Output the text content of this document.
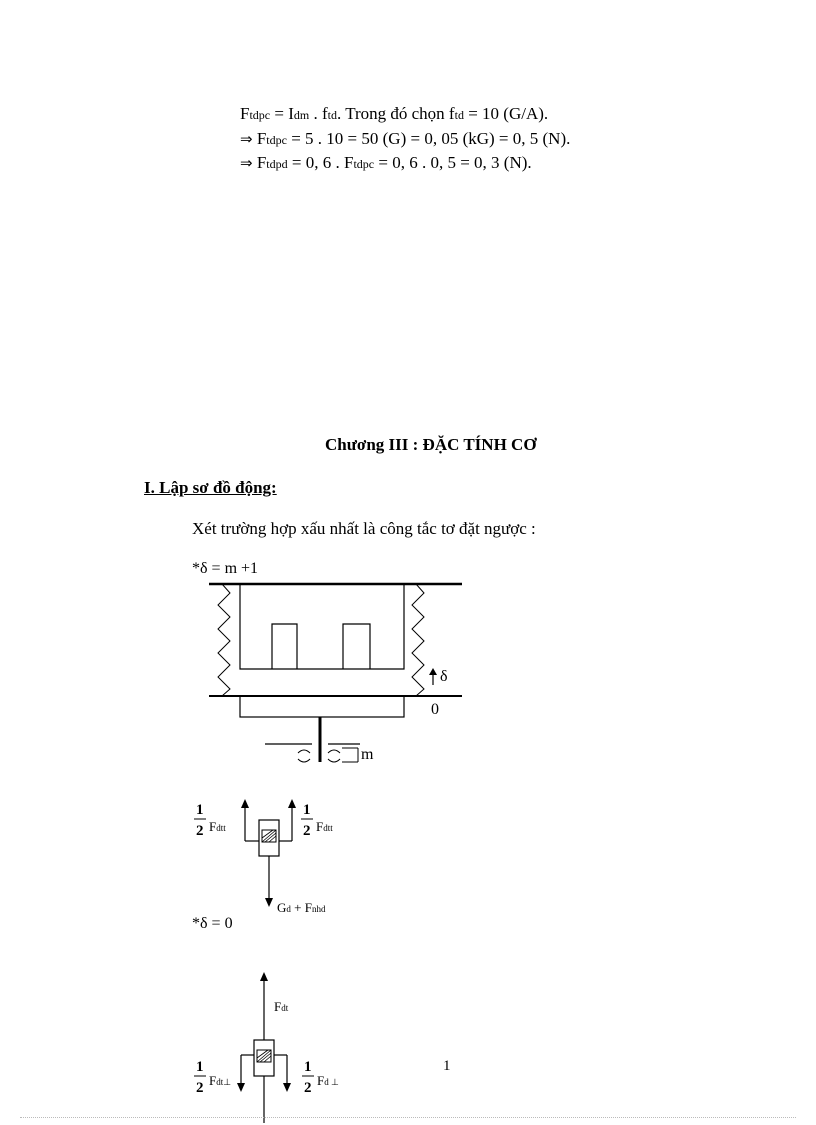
Ftdpc = Idm . ftd. Trong đó chọn ftd = 10 (G/A).
⇒ Ftdpc = 5 . 10 = 50 (G) = 0, 05 (kG) = 0, 5 (N).
⇒ Ftdpd = 0, 6 . Ftdpc = 0, 6 . 0, 5 = 0, 3 (N).
Chương III : ĐẶC TÍNH CƠ
I. Lập sơ đồ động:
Xét trường hợp xấu nhất là công tắc tơ đặt ngược :
*δ = m +1
δ
0
m
1
2 Fdtt
1
2 Fdtt
Gd + Fnhd
*δ = 0
Fdt
1
2 Fdt⊥
1
2 Fd ⊥
1
